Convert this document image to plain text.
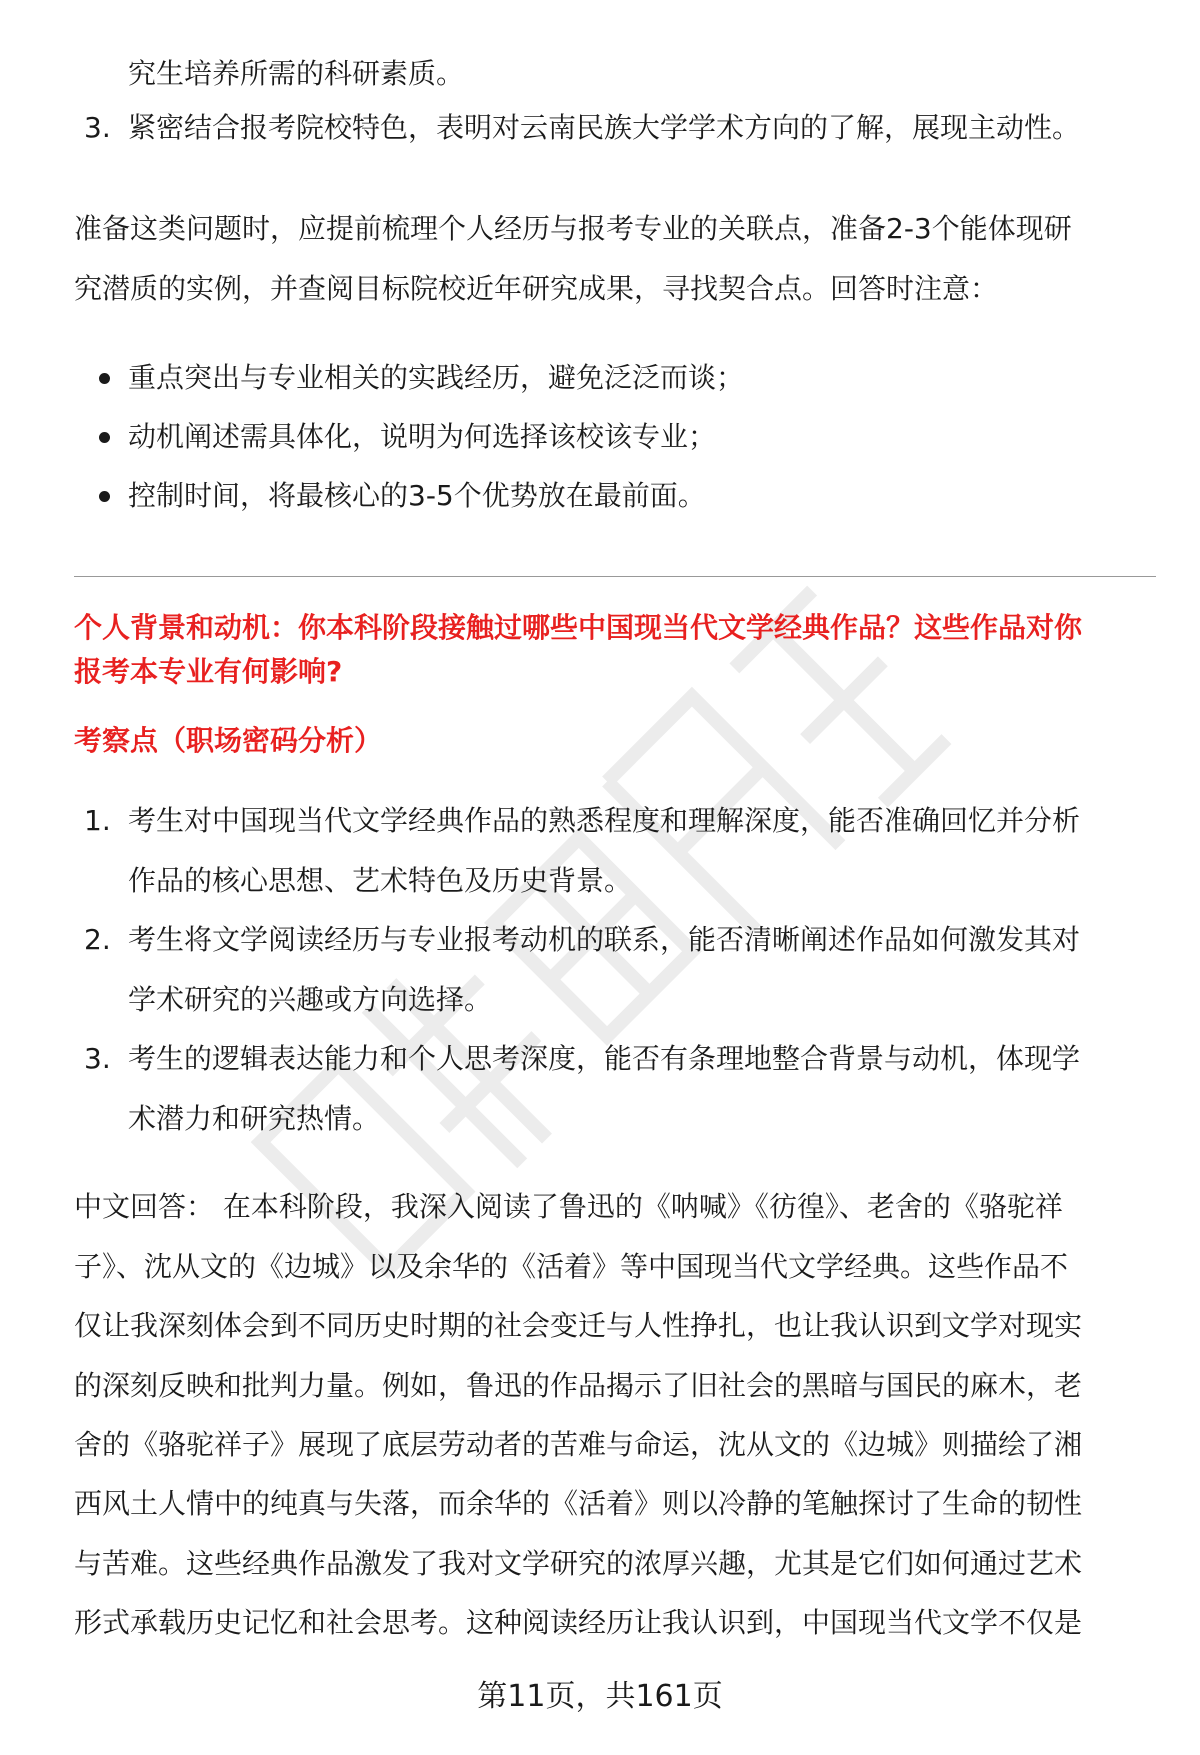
究生培养所需的科研素质。
3. 紧密结合报考院校特色，表明对云南民族大学学术方向的了解，展现主动性。
准备这类问题时，应提前梳理个人经历与报考专业的关联点，准备2-3个能体现研
究潜质的实例，并查阅目标院校近年研究成果，寻找契合点。回答时注意：
重点突出与专业相关的实践经历，避免泛泛而谈；
动机阐述需具体化，说明为何选择该校该专业；
控制时间，将最核心的3-5个优势放在最前面。
个人背景和动机：你本科阶段接触过哪些中国现当代文学经典作品？这些作品对你
报考本专业有何影响?
考察点（职场密码分析）
1. 考生对中国现当代文学经典作品的熟悉程度和理解深度，能否准确回忆并分析
作品的核心思想、艺术特色及历史背景。
2. 考生将文学阅读经历与专业报考动机的联系，能否清晰阐述作品如何激发其对
学术研究的兴趣或方向选择。
3. 考生的逻辑表达能力和个人思考深度，能否有条理地整合背景与动机，体现学
术潜力和研究热情。
中文回答： 在本科阶段，我深入阅读了鲁迅的《呐喊》《彷徨》、老舍的《骆驼祥
子》、沈从文的《边城》以及余华的《活着》等中国现当代文学经典。这些作品不
仅让我深刻体会到不同历史时期的社会变迁与人性挣扎，也让我认识到文学对现实
的深刻反映和批判力量。例如，鲁迅的作品揭示了旧社会的黑暗与国民的麻木，老
舍的《骆驼祥子》展现了底层劳动者的苦难与命运，沈从文的《边城》则描绘了湘
西风土人情中的纯真与失落，而余华的《活着》则以冷静的笔触探讨了生命的韧性
与苦难。这些经典作品激发了我对文学研究的浓厚兴趣，尤其是它们如何通过艺术
形式承载历史记忆和社会思考。这种阅读经历让我认识到，中国现当代文学不仅是
第11页，共161页
